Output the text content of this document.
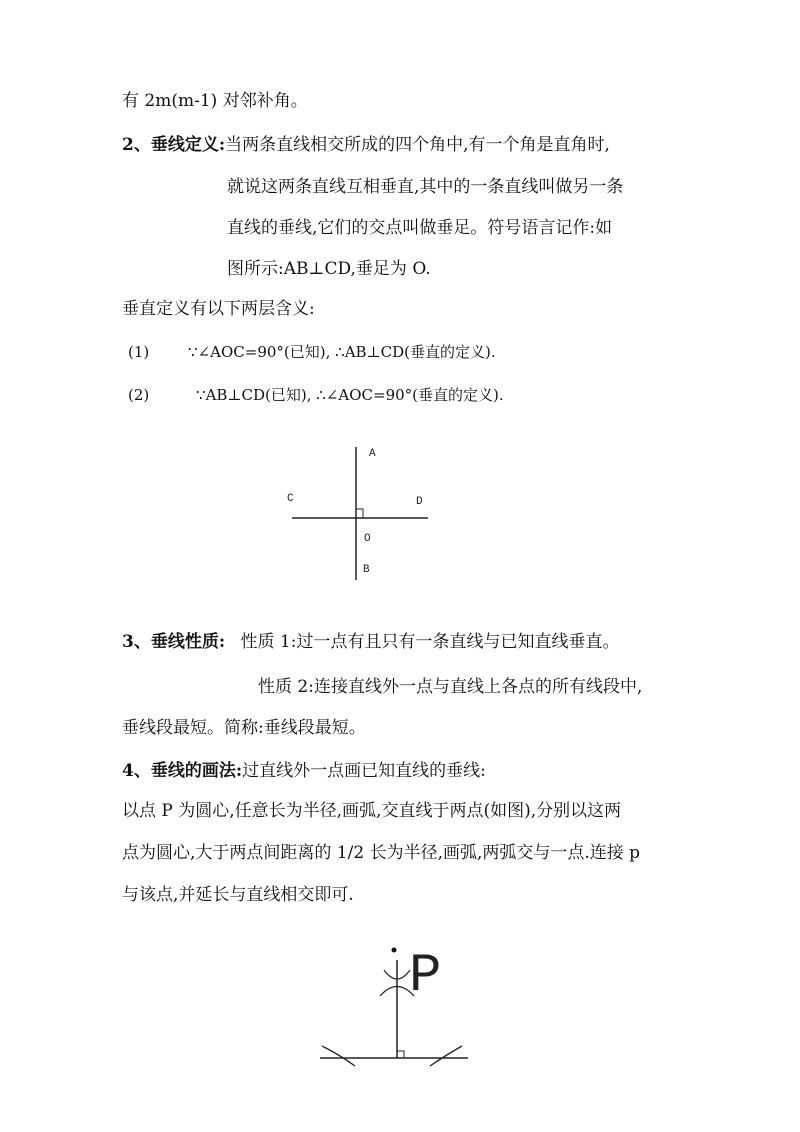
有 2m(m-1) 对邻补角。
2、垂线定义:当两条直线相交所成的四个角中,有一个角是直角时,
就说这两条直线互相垂直,其中的一条直线叫做另一条
直线的垂线,它们的交点叫做垂足。符号语言记作:如
图所示:AB⊥CD,垂足为 O.
垂直定义有以下两层含义:
(1)	∵∠AOC=90°(已知), ∴AB⊥CD(垂直的定义).
(2)	∵AB⊥CD(已知), ∴∠AOC=90°(垂直的定义).
A
C	D
O
B
3、垂线性质: 性质 1:过一点有且只有一条直线与已知直线垂直。
性质 2:连接直线外一点与直线上各点的所有线段中,
垂线段最短。简称:垂线段最短。
4、垂线的画法:过直线外一点画已知直线的垂线:
以点 P 为圆心,任意长为半径,画弧,交直线于两点(如图),分别以这两
点为圆心,大于两点间距离的 1/2 长为半径,画弧,两弧交与一点.连接 p
与该点,并延长与直线相交即可.
P
